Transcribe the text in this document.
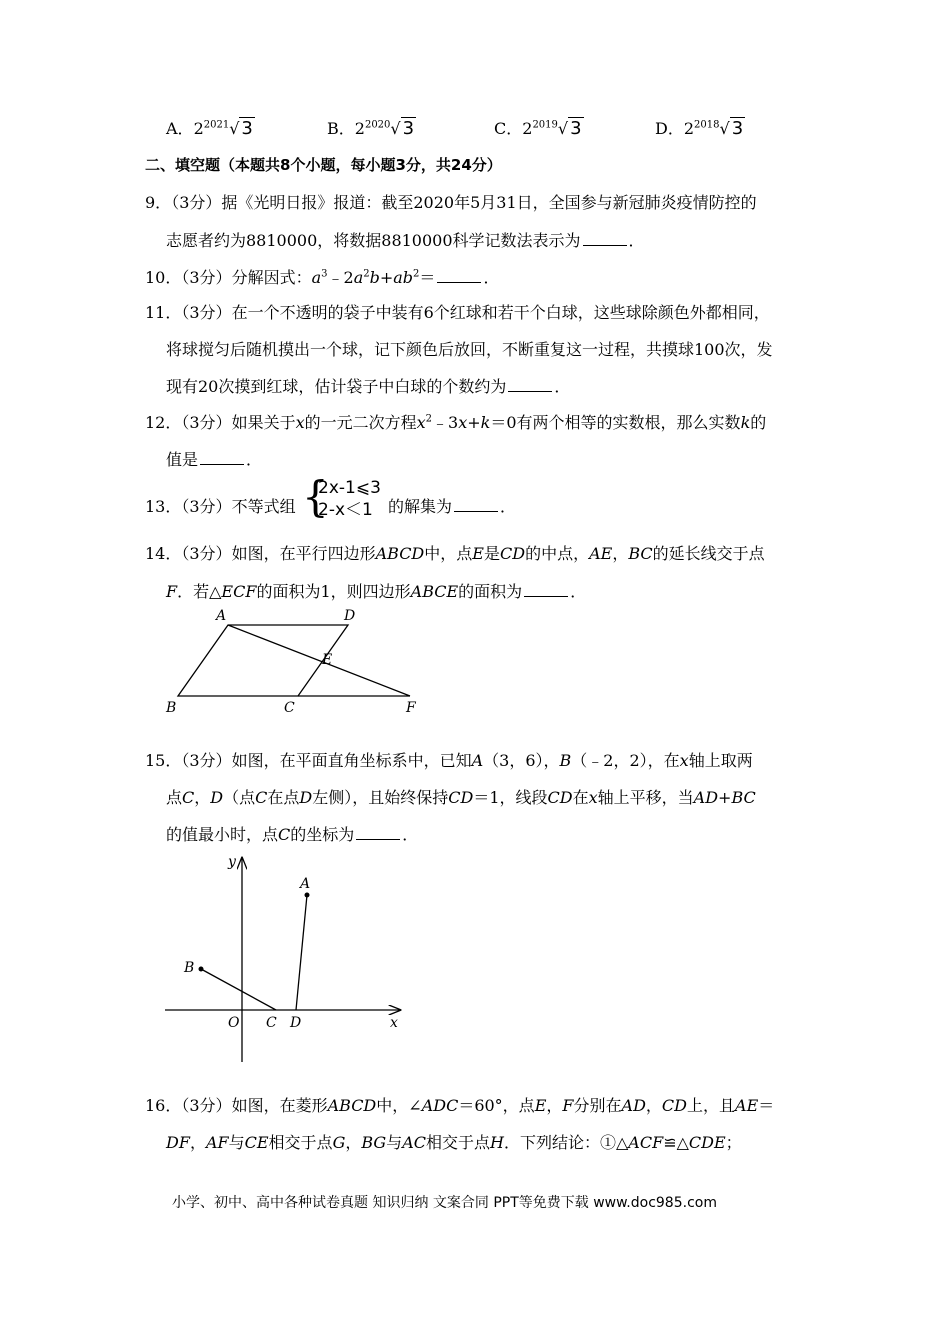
A．$2^{2021}√$ 3	B．$2^{2020}√$ 3	C．$2^{2019}√$ 3	D．$2^{2018}√$ 3
二、填空题（本题共8个小题，每小题3分，共24分）
9．（3分）据《光明日报》报道：截至2020年5月31日，全国参与新冠肺炎疫情防控的
志愿者约为8810000，将数据8810000科学记数法表示为	．
10．（3分）分解因式：$a^3﹣2a^2b+ab^2=$	．
11．（3分）在一个不透明的袋子中装有6个红球和若干个白球，这些球除颜色外都相同，
将球搅匀后随机摸出一个球，记下颜色后放回，不断重复这一过程，共摸球100次，发
现有20次摸到红球，估计袋子中白球的个数约为	．
12．（3分）如果关于x的一元二次方程$x^2﹣3x+k=0$有两个相等的实数根，那么实数k的
值是	．
13．（3分）不等式组 {
2x-1⩽3
2-x＜1 的解集为	．
14．（3分）如图，在平行四边形ABCD中，点E是CD的中点，AE，BC的延长线交于点
F．若△ECF的面积为1，则四边形ABCE的面积为	．
A	D
E
B	C	F
15．（3分）如图，在平面直角坐标系中，已知A（3，6），B（﹣2，2），在x轴上取两
点C，D（点C在点D左侧），且始终保持CD＝1，线段CD在x轴上平移，当AD+BC
的值最小时，点C的坐标为	．
y
A
B
O C D	x
16．（3分）如图，在菱形ABCD中，∠ADC＝60°，点E，F分别在AD，CD上，且AE＝
DF，AF与CE相交于点G，BG与AC相交于点H．下列结论：①△ACF≌△CDE；
小学、初中、高中各种试卷真题 知识归纳 文案合同 PPT等免费下载 www.doc985.com
